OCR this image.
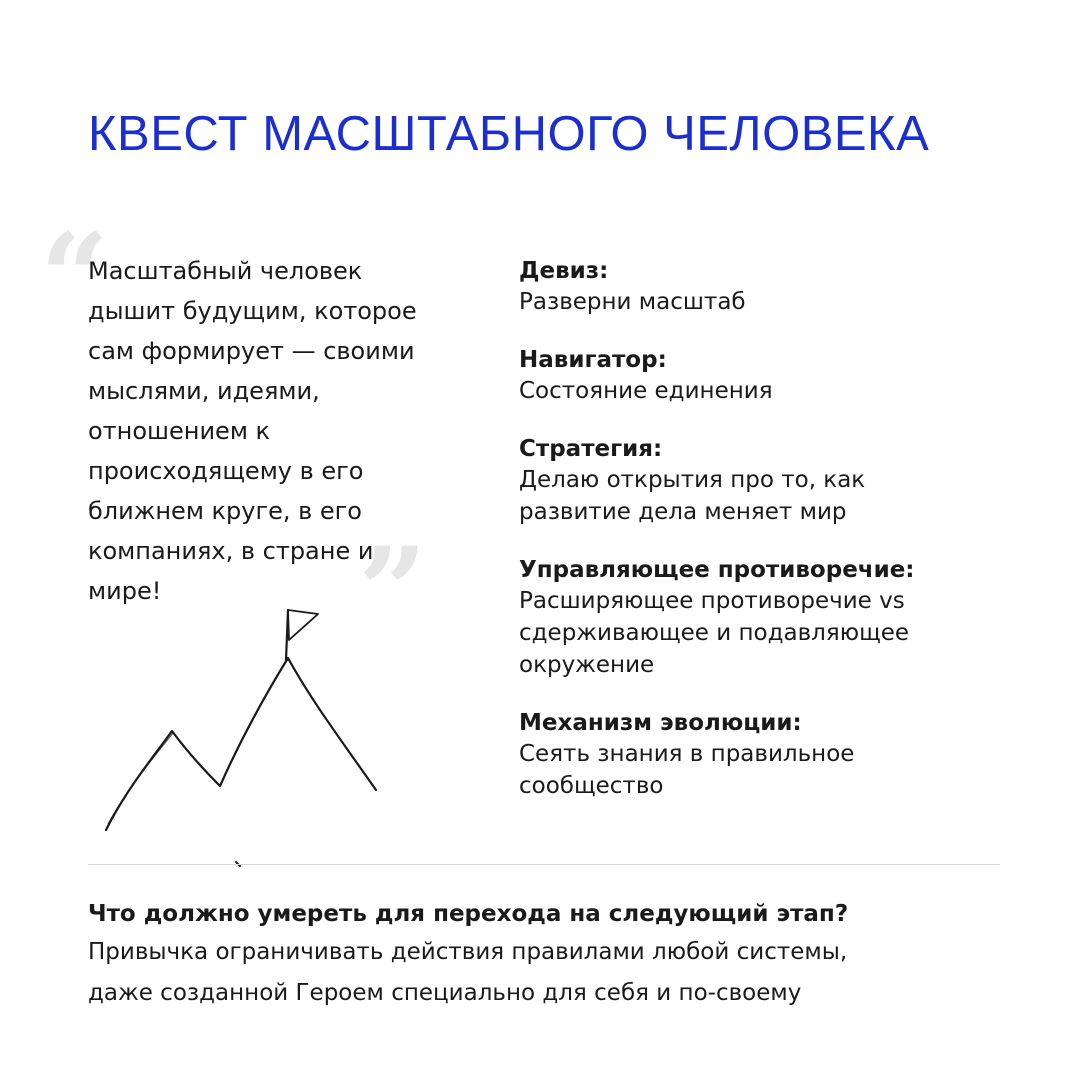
КВЕСТ МАСШТАБНОГО ЧЕЛОВЕКА
“
”
Масштабный человек
дышит будущим, которое
сам формирует — своими
мыслями, идеями,
отношением к
происходящему в его
ближнем круге, в его
компаниях, в стране и
мире!
Девиз:
Разверни масштаб
Навигатор:
Состояние единения
Стратегия:
Делаю открытия про то, как
развитие дела меняет мир
Управляющее противоречие:
Расширяющее противоречие vs
сдерживающее и подавляющее
окружение
Механизм эволюции:
Сеять знания в правильное
сообщество
Что должно умереть для перехода на следующий этап?
Привычка ограничивать действия правилами любой системы,
даже созданной Героем специально для себя и по-своему
